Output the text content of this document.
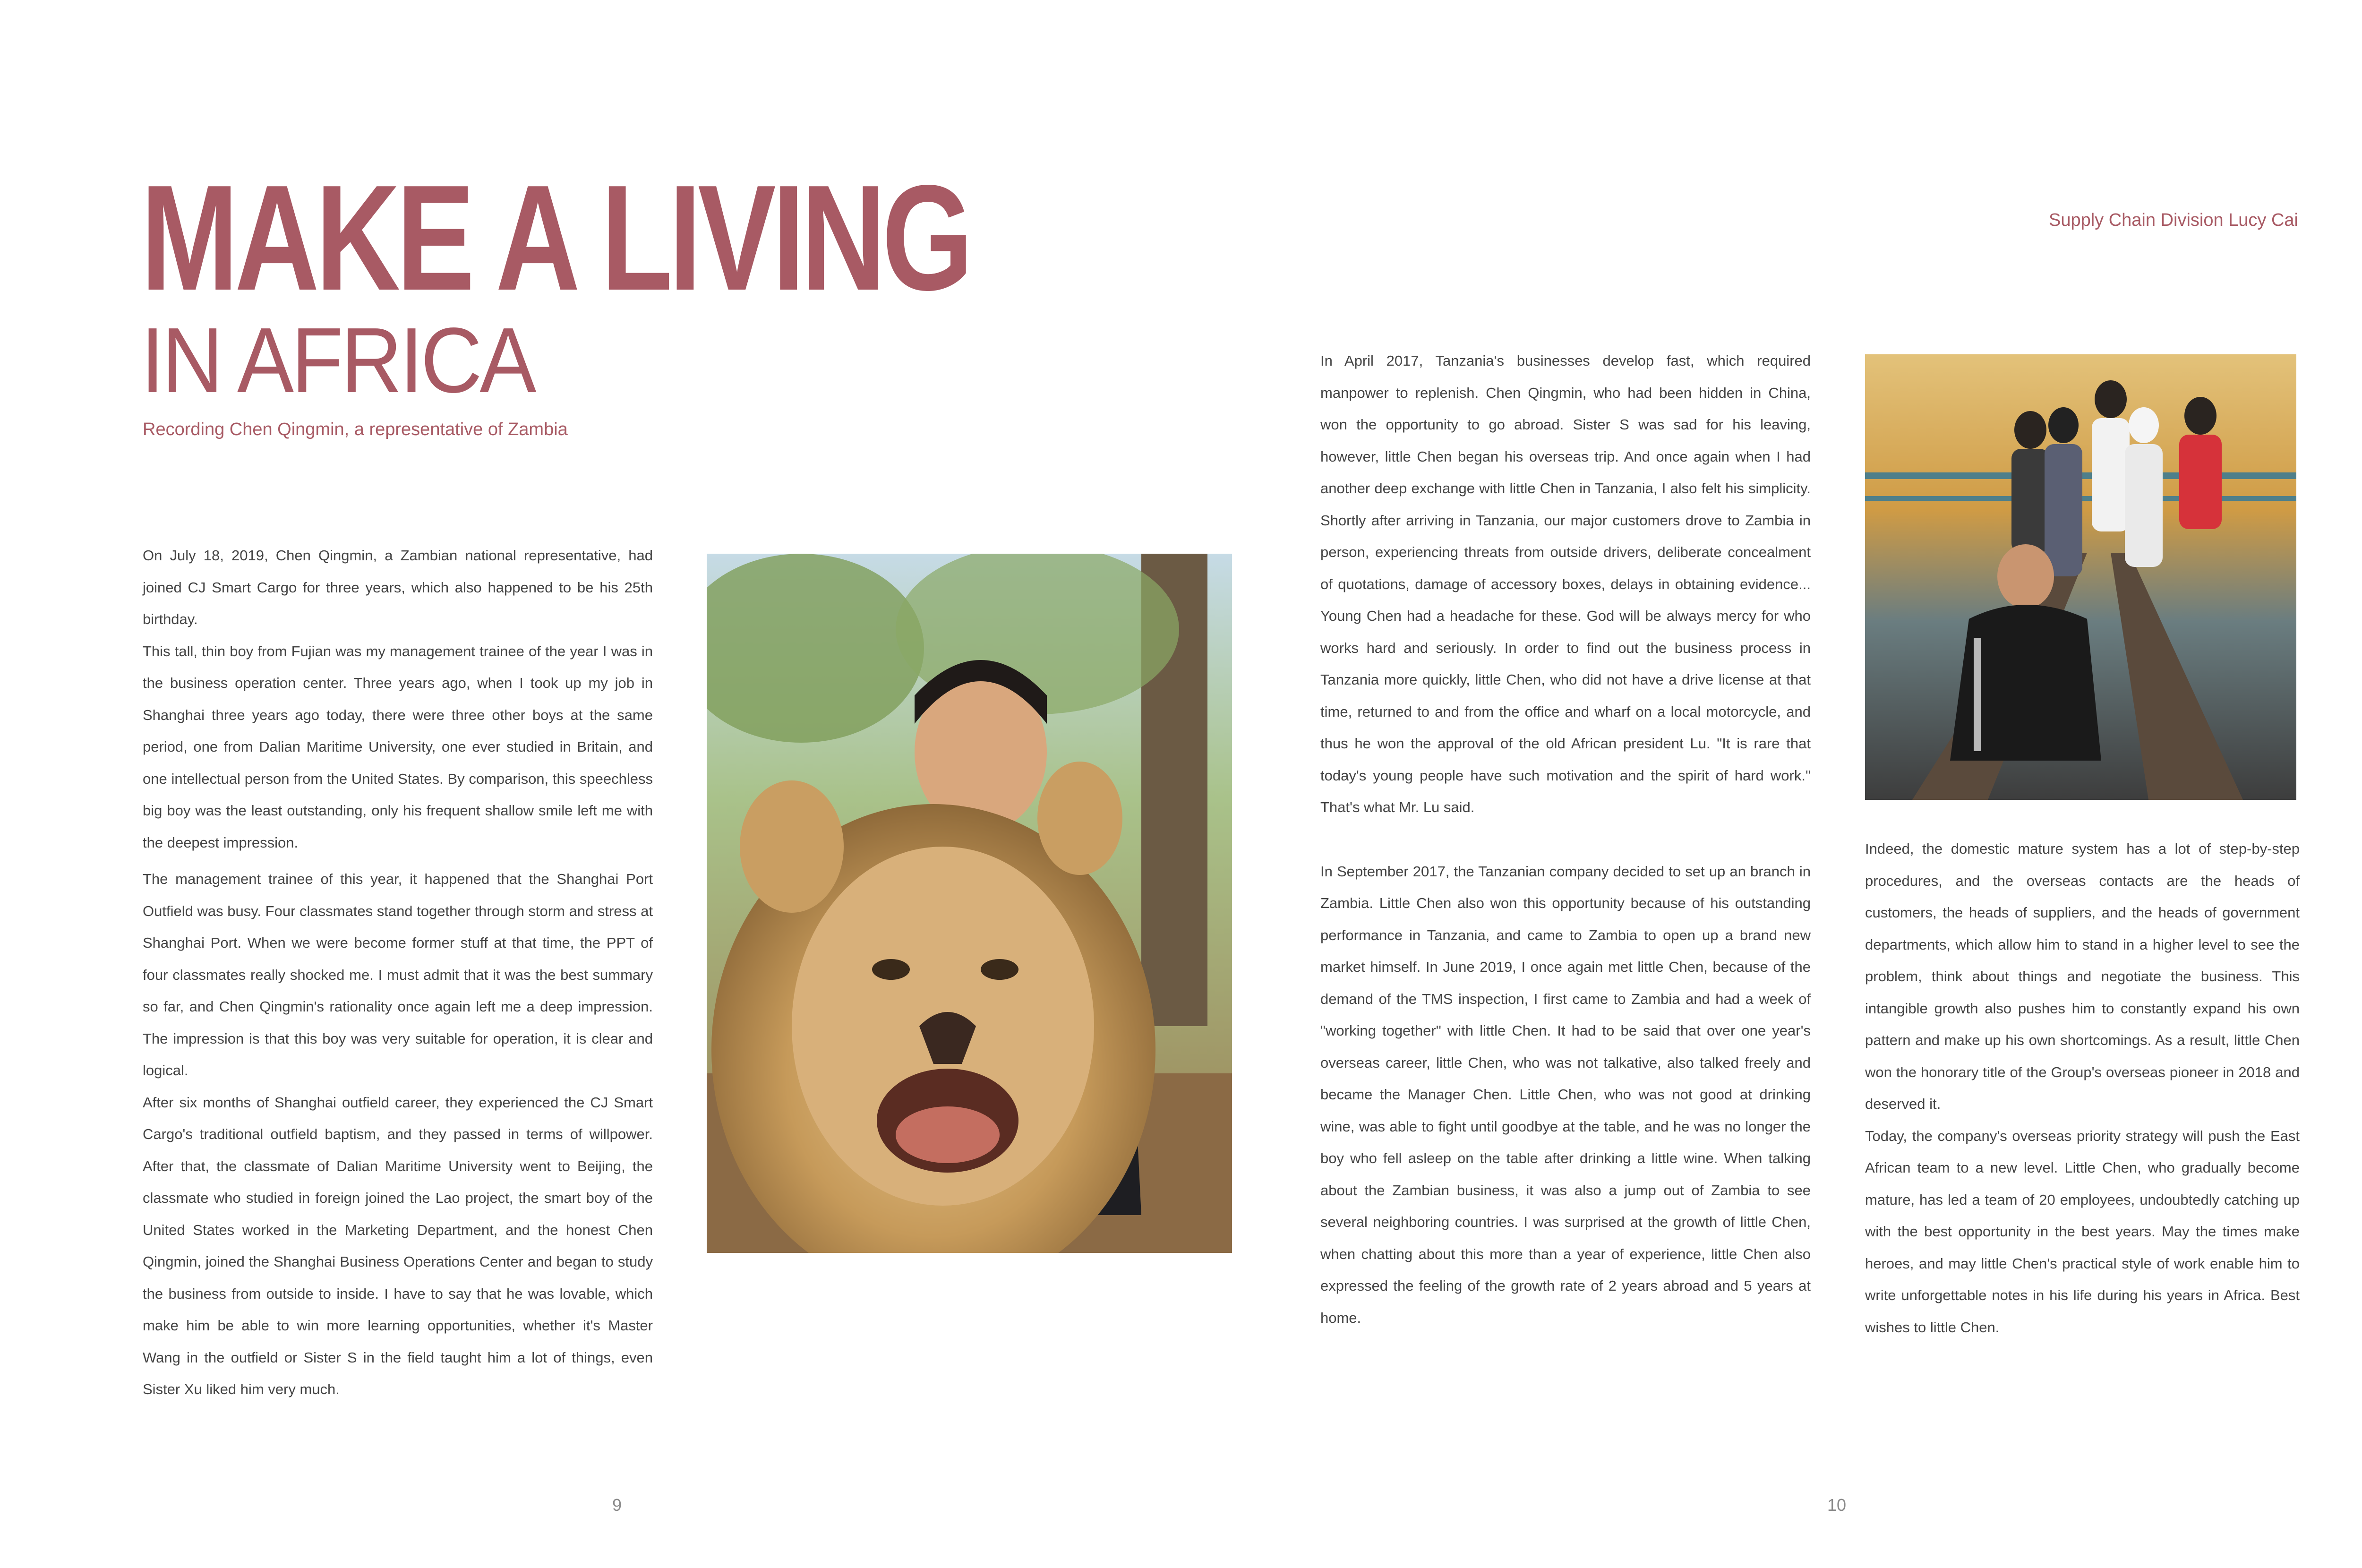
MAKE A LIVING
IN AFRICA
Recording Chen Qingmin, a representative of Zambia
Supply Chain Division Lucy Cai

On July 18, 2019, Chen Qingmin, a Zambian national representative, had joined CJ Smart Cargo for three years, which also happened to be his 25th birthday.

This tall, thin boy from Fujian was my management trainee of the year I was in the business operation center. Three years ago, when I took up my job in Shanghai three years ago today, there were three other boys at the same period, one from Dalian Maritime University, one ever studied in Britain, and one intellectual person from the United States. By comparison, this speechless big boy was the least outstanding, only his frequent shallow smile left me with the deepest impression.

The management trainee of this year, it happened that the Shanghai Port Outfield was busy. Four classmates stand together through storm and stress at Shanghai Port. When we were become former stuff at that time, the PPT of four classmates really shocked me. I must admit that it was the best summary so far, and Chen Qingmin's rationality once again left me a deep impression. The impression is that this boy was very suitable for operation, it is clear and logical.

After six months of Shanghai outfield career, they experienced the CJ Smart Cargo's traditional outfield baptism, and they passed in terms of willpower. After that, the classmate of Dalian Maritime University went to Beijing, the classmate who studied in foreign joined the Lao project, the smart boy of the United States worked in the Marketing Department, and the honest Chen Qingmin, joined the Shanghai Business Operations Center and began to study the business from outside to inside. I have to say that he was lovable, which make him be able to win more learning opportunities, whether it's Master Wang in the outfield or Sister S in the field taught him a lot of things, even Sister Xu liked him very much.

In April 2017, Tanzania's businesses develop fast, which required manpower to replenish. Chen Qingmin, who had been hidden in China, won the opportunity to go abroad. Sister S was sad for his leaving, however, little Chen began his overseas trip. And once again when I had another deep exchange with little Chen in Tanzania, I also felt his simplicity. Shortly after arriving in Tanzania, our major customers drove to Zambia in person, experiencing threats from outside drivers, deliberate concealment of quotations, damage of accessory boxes, delays in obtaining evidence... Young Chen had a headache for these. God will be always mercy for who works hard and seriously. In order to find out the business process in Tanzania more quickly, little Chen, who did not have a drive license at that time, returned to and from the office and wharf on a local motorcycle, and thus he won the approval of the old African president Lu. "It is rare that today's young people have such motivation and the spirit of hard work." That's what Mr. Lu said.

In September 2017, the Tanzanian company decided to set up an branch in Zambia. Little Chen also won this opportunity because of his outstanding performance in Tanzania, and came to Zambia to open up a brand new market himself. In June 2019, I once again met little Chen, because of the demand of the TMS inspection, I first came to Zambia and had a week of "working together" with little Chen. It had to be said that over one year's overseas career, little Chen, who was not talkative, also talked freely and became the Manager Chen. Little Chen, who was not good at drinking wine, was able to fight until goodbye at the table, and he was no longer the boy who fell asleep on the table after drinking a little wine. When talking about the Zambian business, it was also a jump out of Zambia to see several neighboring countries. I was surprised at the growth of little Chen, when chatting about this more than a year of experience, little Chen also expressed the feeling of the growth rate of 2 years abroad and 5 years at home.

Indeed, the domestic mature system has a lot of step-by-step procedures, and the overseas contacts are the heads of customers, the heads of suppliers, and the heads of government departments, which allow him to stand in a higher level to see the problem, think about things and negotiate the business. This intangible growth also pushes him to constantly expand his own pattern and make up his own shortcomings. As a result, little Chen won the honorary title of the Group's overseas pioneer in 2018 and deserved it.

Today, the company's overseas priority strategy will push the East African team to a new level. Little Chen, who gradually become mature, has led a team of 20 employees, undoubtedly catching up with the best opportunity in the best years. May the times make heroes, and may little Chen's practical style of work enable him to write unforgettable notes in his life during his years in Africa. Best wishes to little Chen.

9	10
